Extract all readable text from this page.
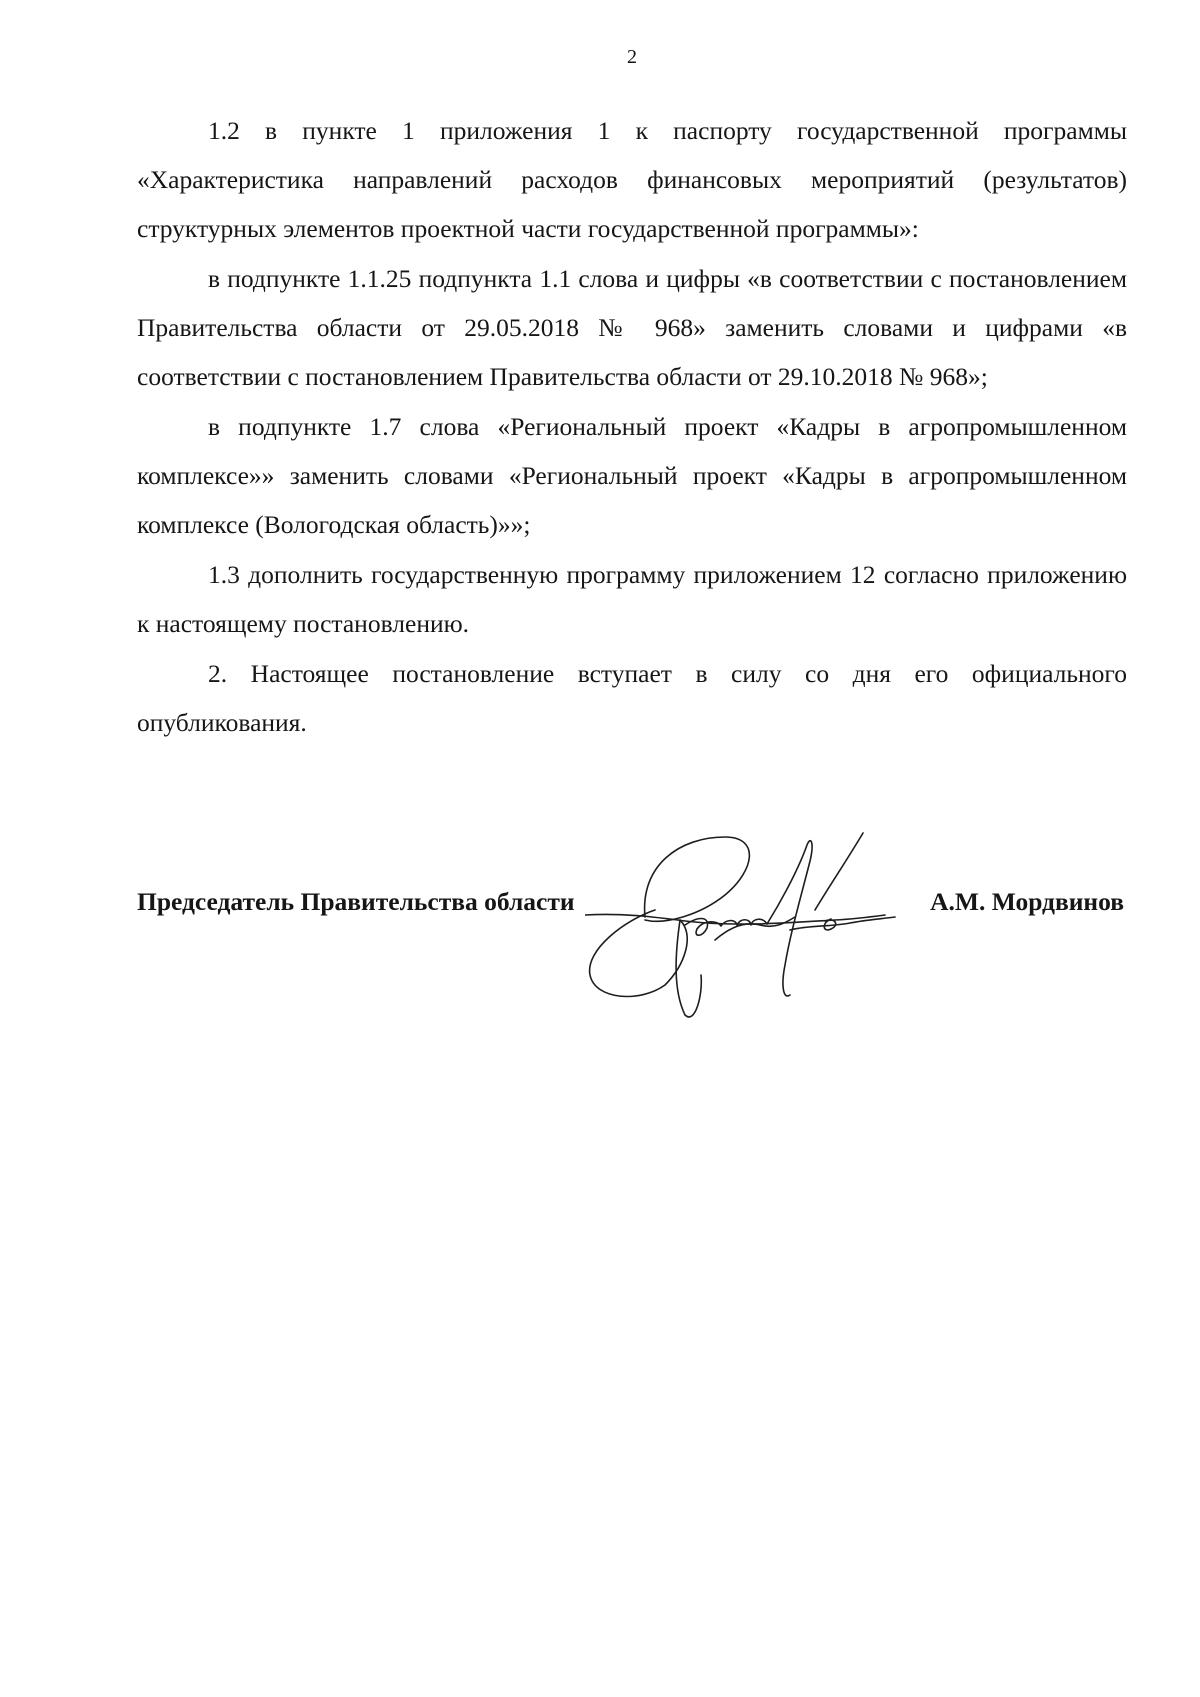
2

1.2 в пункте 1 приложения 1 к паспорту государственной программы «Характеристика направлений расходов финансовых мероприятий (результатов) структурных элементов проектной части государственной программы»:

в подпункте 1.1.25 подпункта 1.1 слова и цифры «в соответствии с постановлением Правительства области от 29.05.2018 № 968» заменить словами и цифрами «в соответствии с постановлением Правительства области от 29.10.2018 № 968»;

в подпункте 1.7 слова «Региональный проект «Кадры в агропромышленном комплексе»» заменить словами «Региональный проект «Кадры в агропромышленном комплексе (Вологодская область)»»;

1.3 дополнить государственную программу приложением 12 согласно приложению к настоящему постановлению.

2. Настоящее постановление вступает в силу со дня его официального опубликования.

Председатель Правительства области	А.М. Мордвинов
